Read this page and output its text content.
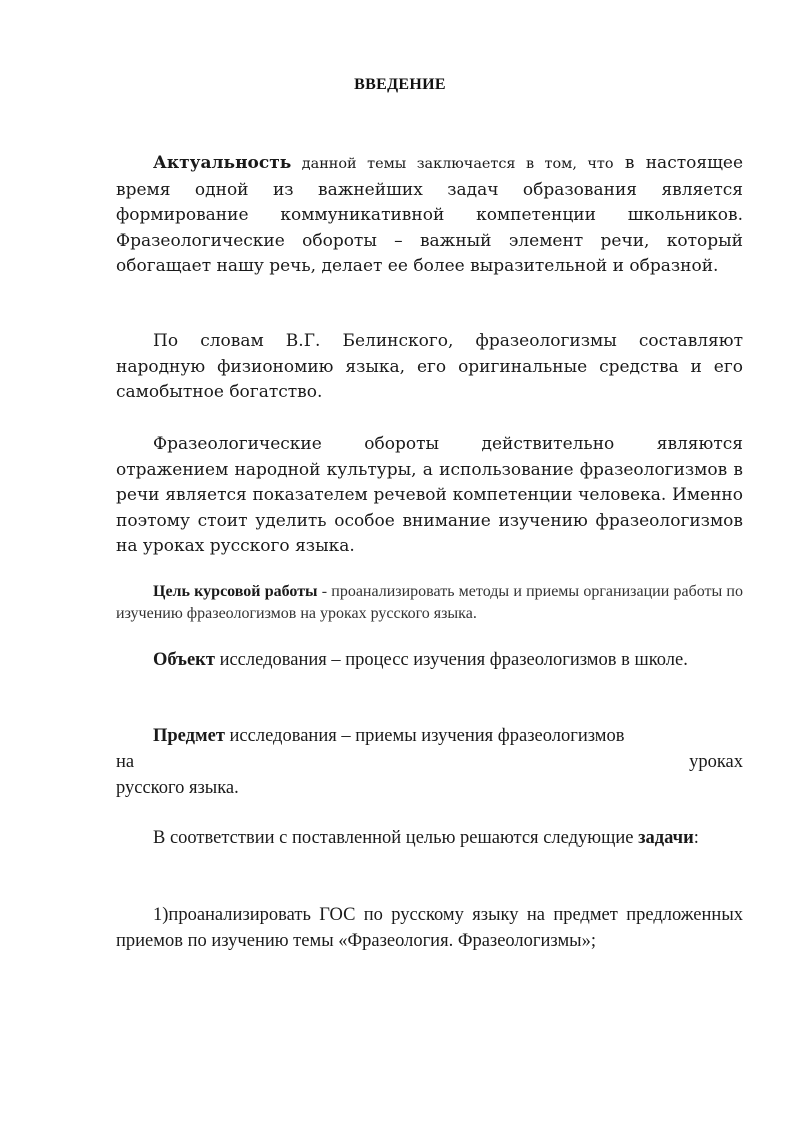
ВВЕДЕНИЕ

Актуальность данной темы заключается в том, что в настоящее время одной из важнейших задач образования является формирование коммуникативной компетенции школьников. Фразеологические обороты – важный элемент речи, который обогащает нашу речь, делает ее более выразительной и образной.

По словам В.Г. Белинского, фразеологизмы составляют народную физиономию языка, его оригинальные средства и его самобытное богатство.

Фразеологические обороты действительно являются отражением народной культуры, а использование фразеологизмов в речи является показателем речевой компетенции человека. Именно поэтому стоит уделить особое внимание изучению фразеологизмов на уроках русского языка.

Цель курсовой работы - проанализировать методы и приемы организации работы по изучению фразеологизмов на уроках русского языка.

Объект исследования – процесс изучения фразеологизмов в школе.

Предмет исследования – приемы изучения фразеологизмов
на уроках
русского языка.

В соответствии с поставленной целью решаются следующие задачи:

1)проанализировать ГОС по русскому языку на предмет предложенных приемов по изучению темы «Фразеология. Фразеологизмы»;
